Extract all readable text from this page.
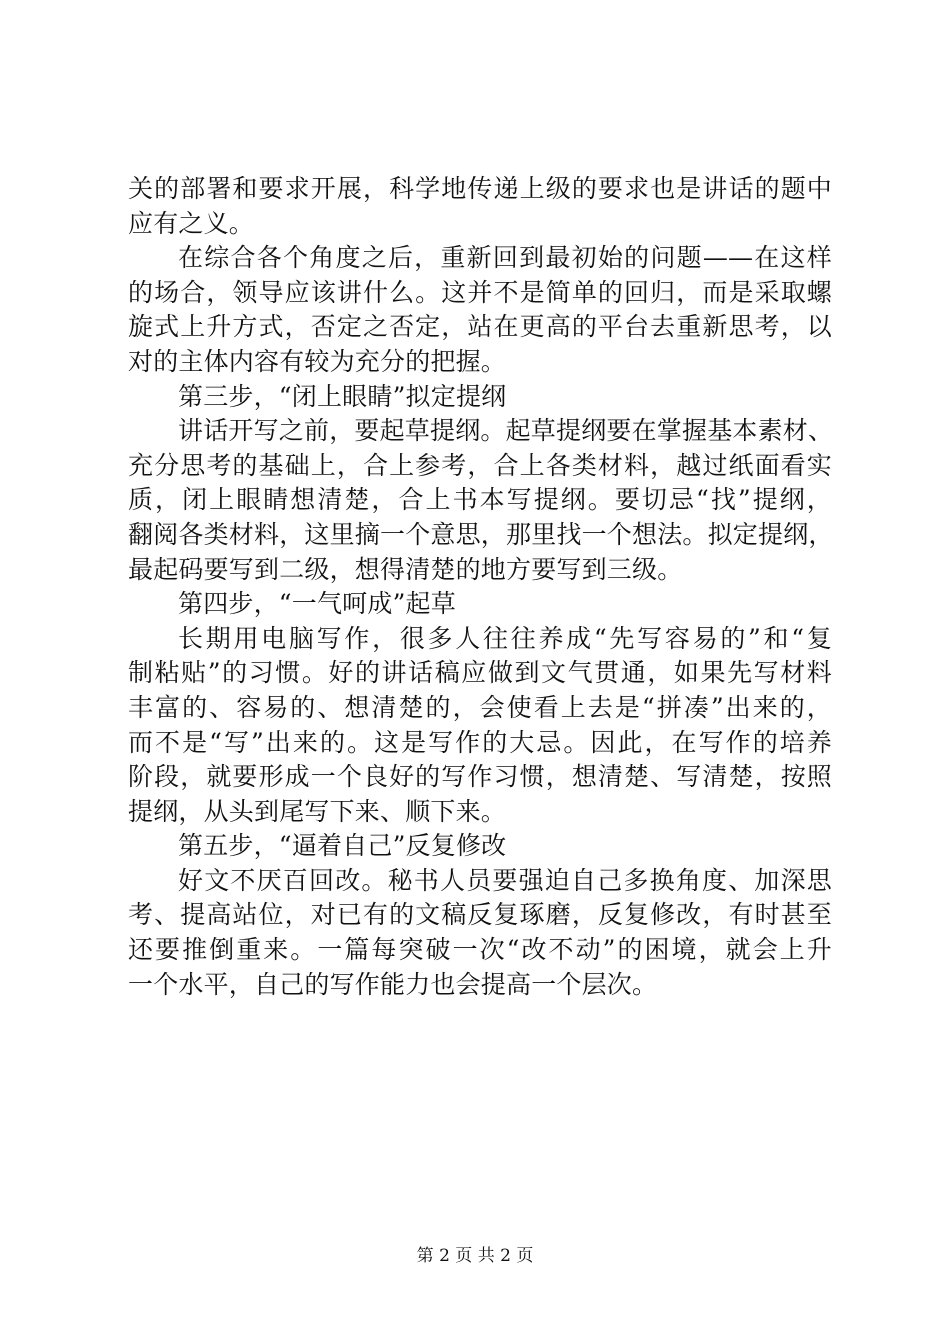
关的部署和要求开展，科学地传递上级的要求也是讲话的题中
应有之义。
在综合各个角度之后，重新回到最初始的问题——在这样
的场合，领导应该讲什么。这并不是简单的回归，而是采取螺
旋式上升方式，否定之否定，站在更高的平台去重新思考，以
对的主体内容有较为充分的把握。
第三步，“闭上眼睛”拟定提纲
讲话开写之前，要起草提纲。起草提纲要在掌握基本素材、
充分思考的基础上，合上参考，合上各类材料，越过纸面看实
质，闭上眼睛想清楚，合上书本写提纲。要切忌“找”提纲，
翻阅各类材料，这里摘一个意思，那里找一个想法。拟定提纲，
最起码要写到二级，想得清楚的地方要写到三级。
第四步，“一气呵成”起草
长期用电脑写作，很多人往往养成“先写容易的”和“复
制粘贴”的习惯。好的讲话稿应做到文气贯通，如果先写材料
丰富的、容易的、想清楚的，会使看上去是“拼凑”出来的，
而不是“写”出来的。这是写作的大忌。因此，在写作的培养
阶段，就要形成一个良好的写作习惯，想清楚、写清楚，按照
提纲，从头到尾写下来、顺下来。
第五步，“逼着自己”反复修改
好文不厌百回改。秘书人员要强迫自己多换角度、加深思
考、提高站位，对已有的文稿反复琢磨，反复修改，有时甚至
还要推倒重来。一篇每突破一次“改不动”的困境，就会上升
一个水平，自己的写作能力也会提高一个层次。
第 2 页 共 2 页
